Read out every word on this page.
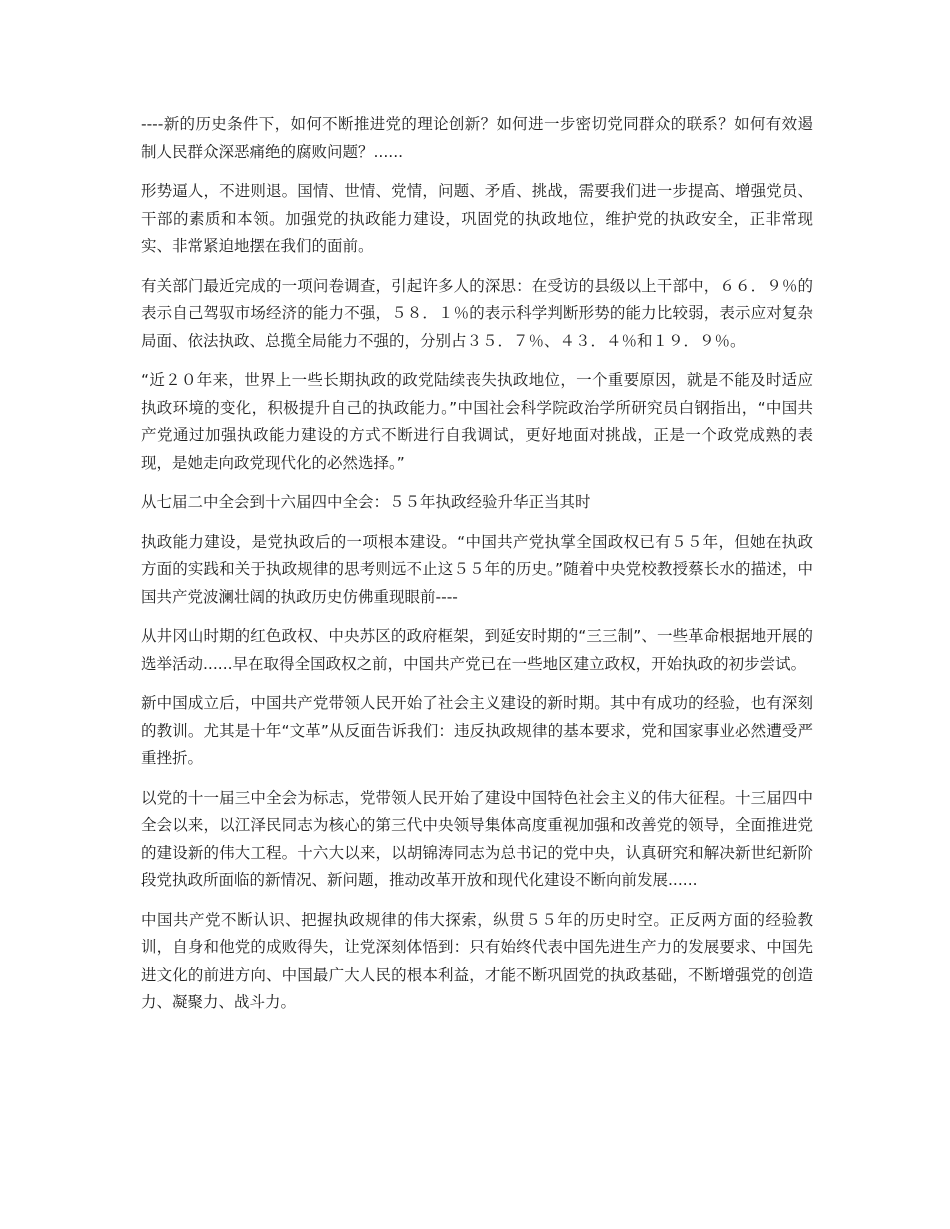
----新的历史条件下，如何不断推进党的理论创新？如何进一步密切党同群众的联系？如何有效遏制人民群众深恶痛绝的腐败问题？......

形势逼人，不进则退。国情、世情、党情，问题、矛盾、挑战，需要我们进一步提高、增强党员、干部的素质和本领。加强党的执政能力建设，巩固党的执政地位，维护党的执政安全，正非常现实、非常紧迫地摆在我们的面前。

有关部门最近完成的一项问卷调查，引起许多人的深思：在受访的县级以上干部中，６６．９％的表示自己驾驭市场经济的能力不强，５８．１％的表示科学判断形势的能力比较弱，表示应对复杂局面、依法执政、总揽全局能力不强的，分别占３５．７％、４３．４％和１９．９％。

“近２０年来，世界上一些长期执政的政党陆续丧失执政地位，一个重要原因，就是不能及时适应执政环境的变化，积极提升自己的执政能力。”中国社会科学院政治学所研究员白钢指出，“中国共产党通过加强执政能力建设的方式不断进行自我调试，更好地面对挑战，正是一个政党成熟的表现，是她走向政党现代化的必然选择。”

从七届二中全会到十六届四中全会：５５年执政经验升华正当其时

执政能力建设，是党执政后的一项根本建设。“中国共产党执掌全国政权已有５５年，但她在执政方面的实践和关于执政规律的思考则远不止这５５年的历史。”随着中央党校教授蔡长水的描述，中国共产党波澜壮阔的执政历史仿佛重现眼前----

从井冈山时期的红色政权、中央苏区的政府框架，到延安时期的“三三制”、一些革命根据地开展的选举活动......早在取得全国政权之前，中国共产党已在一些地区建立政权，开始执政的初步尝试。

新中国成立后，中国共产党带领人民开始了社会主义建设的新时期。其中有成功的经验，也有深刻的教训。尤其是十年“文革”从反面告诉我们：违反执政规律的基本要求，党和国家事业必然遭受严重挫折。

以党的十一届三中全会为标志，党带领人民开始了建设中国特色社会主义的伟大征程。十三届四中全会以来，以江泽民同志为核心的第三代中央领导集体高度重视加强和改善党的领导，全面推进党的建设新的伟大工程。十六大以来，以胡锦涛同志为总书记的党中央，认真研究和解决新世纪新阶段党执政所面临的新情况、新问题，推动改革开放和现代化建设不断向前发展......

中国共产党不断认识、把握执政规律的伟大探索，纵贯５５年的历史时空。正反两方面的经验教训，自身和他党的成败得失，让党深刻体悟到：只有始终代表中国先进生产力的发展要求、中国先进文化的前进方向、中国最广大人民的根本利益，才能不断巩固党的执政基础，不断增强党的创造力、凝聚力、战斗力。
